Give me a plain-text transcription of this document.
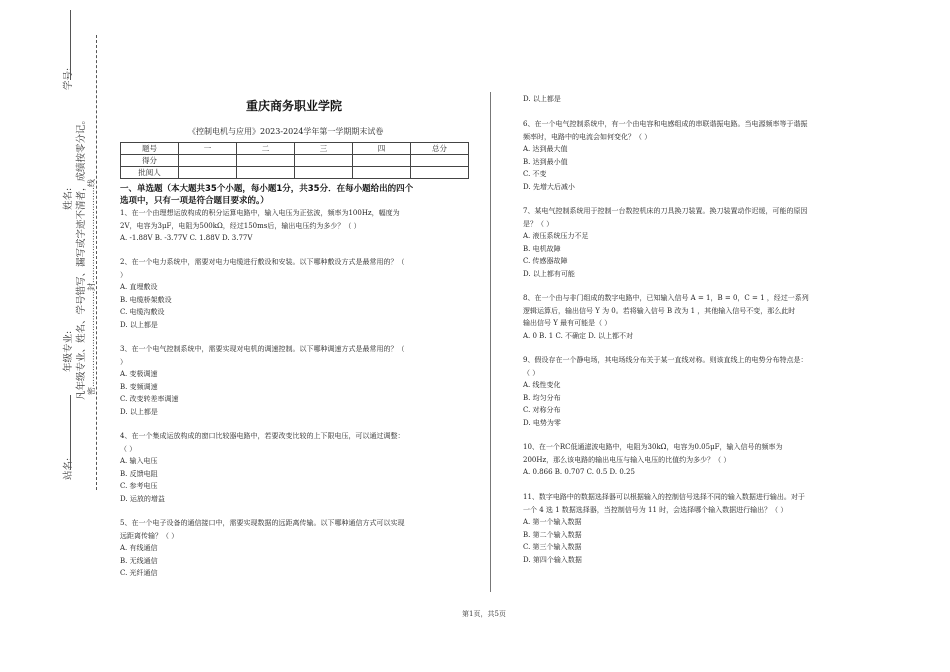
站名:
年级专业:
姓名:
学号:
凡年级专业、姓名、学号错写、漏写或字迹不清者，成绩按零分记。 密………………………………封………………………………线
重庆商务职业学院
《控制电机与应用》2023-2024学年第一学期期末试卷
题号	一	二	三	四	总分
得分					
批阅人					
一、单选题（本大题共35个小题，每小题1分，共35分．在每小题给出的四个
选项中，只有一项是符合题目要求的。）
1、在一个由理想运放构成的积分运算电路中，输入电压为正弦波，频率为100Hz，幅度为
2V，电容为3μF，电阻为500kΩ，经过150ms后，输出电压约为多少？（ ）
A. -1.88V B. -3.77V C. 1.88V D. 3.77V
2、在一个电力系统中，需要对电力电缆进行敷设和安装。以下哪种敷设方式是最常用的？（
）
A. 直埋敷设
B. 电缆桥架敷设
C. 电缆沟敷设
D. 以上都是
3、在一个电气控制系统中，需要实现对电机的调速控制。以下哪种调速方式是最常用的？（
）
A. 变极调速
B. 变频调速
C. 改变转差率调速
D. 以上都是
4、在一个集成运放构成的窗口比较器电路中，若要改变比较的上下限电压，可以通过调整：
（ ）
A. 输入电压
B. 反馈电阻
C. 参考电压
D. 运放的增益
5、在一个电子设备的通信接口中，需要实现数据的远距离传输。以下哪种通信方式可以实现
远距离传输？（ ）
A. 有线通信
B. 无线通信
C. 光纤通信
D. 以上都是
6、在一个电气控制系统中，有一个由电容和电感组成的串联谐振电路。当电源频率等于谐振
频率时，电路中的电流会如何变化？（ ）
A. 达到最大值
B. 达到最小值
C. 不变
D. 先增大后减小
7、某电气控制系统用于控制一台数控机床的刀具换刀装置。换刀装置动作迟缓，可能的原因
是？（ ）
A. 液压系统压力不足
B. 电机故障
C. 传感器故障
D. 以上都有可能
8、在一个由与非门组成的数字电路中，已知输入信号 A = 1，B = 0，C = 1 ，经过一系列
逻辑运算后，输出信号 Y 为 0。若将输入信号 B 改为 1 ，其他输入信号不变，那么此时
输出信号 Y 最有可能是（ ）
A. 0 B. 1 C. 不确定 D. 以上都不对
9、假设存在一个静电场，其电场线分布关于某一直线对称。则该直线上的电势分布特点是：
（ ）
A. 线性变化
B. 均匀分布
C. 对称分布
D. 电势为零
10、在一个RC低通滤波电路中，电阻为30kΩ，电容为0.05μF，输入信号的频率为
200Hz，那么该电路的输出电压与输入电压的比值约为多少？（ ）
A. 0.866 B. 0.707 C. 0.5 D. 0.25
11、数字电路中的数据选择器可以根据输入的控制信号选择不同的输入数据进行输出。对于
一个 4 选 1 数据选择器，当控制信号为 11 时，会选择哪个输入数据进行输出？（ ）
A. 第一个输入数据
B. 第二个输入数据
C. 第三个输入数据
D. 第四个输入数据
第1页，共5页
